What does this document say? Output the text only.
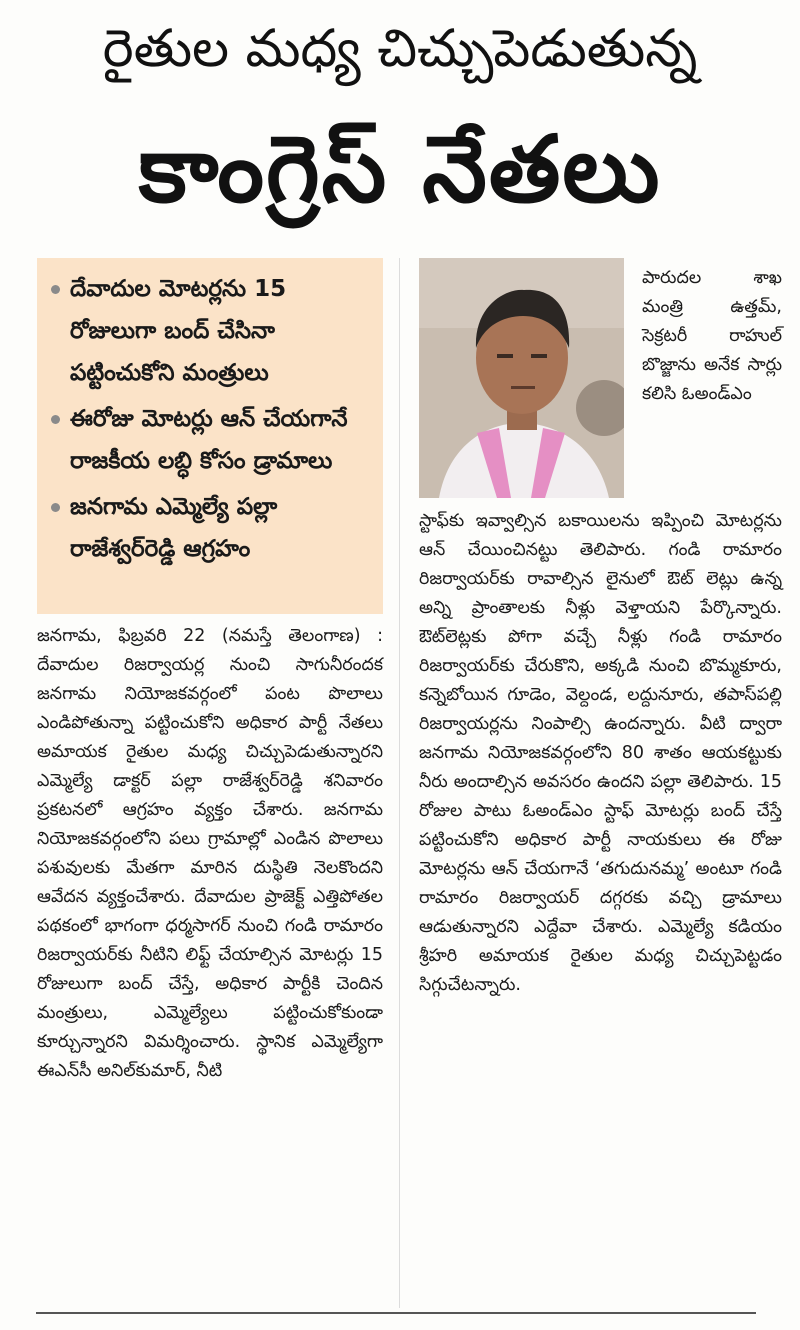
రైతుల మధ్య చిచ్చుపెడుతున్న
కాంగ్రెస్ నేతలు
దేవాదుల మోటర్లను 15 రోజులుగా బంద్ చేసినా పట్టించుకోని మంత్రులు
ఈరోజు మోటర్లు ఆన్ చేయగానే రాజకీయ లబ్ధి కోసం డ్రామాలు
జనగామ ఎమ్మెల్యే పల్లా రాజేశ్వర్‌రెడ్డి ఆగ్రహం
జనగామ, ఫిబ్రవరి 22 (నమస్తే తెలంగాణ) : దేవాదుల రిజర్వాయర్ల నుంచి సాగునీరందక జనగామ నియోజకవర్గంలో పంట పొలాలు ఎండిపోతున్నా పట్టించుకోని అధికార పార్టీ నేతలు అమాయక రైతుల మధ్య చిచ్చుపెడుతున్నారని ఎమ్మెల్యే డాక్టర్ పల్లా రాజేశ్వర్‌రెడ్డి శనివారం ప్రకటనలో ఆగ్రహం వ్యక్తం చేశారు. జనగామ నియోజకవర్గంలోని పలు గ్రామాల్లో ఎండిన పొలాలు పశువులకు మేతగా మారిన దుస్థితి నెలకొందని ఆవేదన వ్యక్తంచేశారు. దేవాదుల ప్రాజెక్ట్ ఎత్తిపోతల పథకంలో భాగంగా ధర్మసాగర్ నుంచి గండి రామారం రిజర్వాయర్‌కు నీటిని లిఫ్ట్ చేయాల్సిన మోటర్లు 15 రోజులుగా బంద్ చేస్తే, అధికార పార్టీకి చెందిన మంత్రులు, ఎమ్మెల్యేలు పట్టించుకోకుండా కూర్చున్నారని విమర్శించారు. స్థానిక ఎమ్మెల్యేగా ఈఎన్‌సీ అనిల్‌కుమార్, నీటి
పారుదల శాఖ మంత్రి ఉత్తమ్, సెక్రటరీ రాహుల్ బొజ్జాను అనేక సార్లు కలిసి ఓఅండ్‌ఎం
స్టాఫ్‌కు ఇవ్వాల్సిన బకాయిలను ఇప్పించి మోటర్లను ఆన్ చేయించినట్టు తెలిపారు. గండి రామారం రిజర్వాయర్‌కు రావాల్సిన లైనులో ఔట్ లెట్లు ఉన్న అన్ని ప్రాంతాలకు నీళ్లు వెళ్తాయని పేర్కొన్నారు. ఔట్‌లెట్లకు పోగా వచ్చే నీళ్లు గండి రామారం రిజర్వాయర్‌కు చేరుకొని, అక్కడి నుంచి బొమ్మకూరు, కన్నెబోయిన గూడెం, వెల్దండ, లద్దునూరు, తపాస్‌పల్లి రిజర్వాయర్లను నింపాల్సి ఉందన్నారు. వీటి ద్వారా జనగామ నియోజకవర్గంలోని 80 శాతం ఆయకట్టుకు నీరు అందాల్సిన అవసరం ఉందని పల్లా తెలిపారు. 15 రోజుల పాటు ఓఅండ్‌ఎం స్టాఫ్ మోటర్లు బంద్ చేస్తే పట్టించుకోని అధికార పార్టీ నాయకులు ఈ రోజు మోటర్లను ఆన్ చేయగానే ‘తగుదునమ్మ’ అంటూ గండి రామారం రిజర్వాయర్ దగ్గరకు వచ్చి డ్రామాలు ఆడుతున్నారని ఎద్దేవా చేశారు. ఎమ్మెల్యే కడియం శ్రీహరి అమాయక రైతుల మధ్య చిచ్చుపెట్టడం సిగ్గుచేటన్నారు.
